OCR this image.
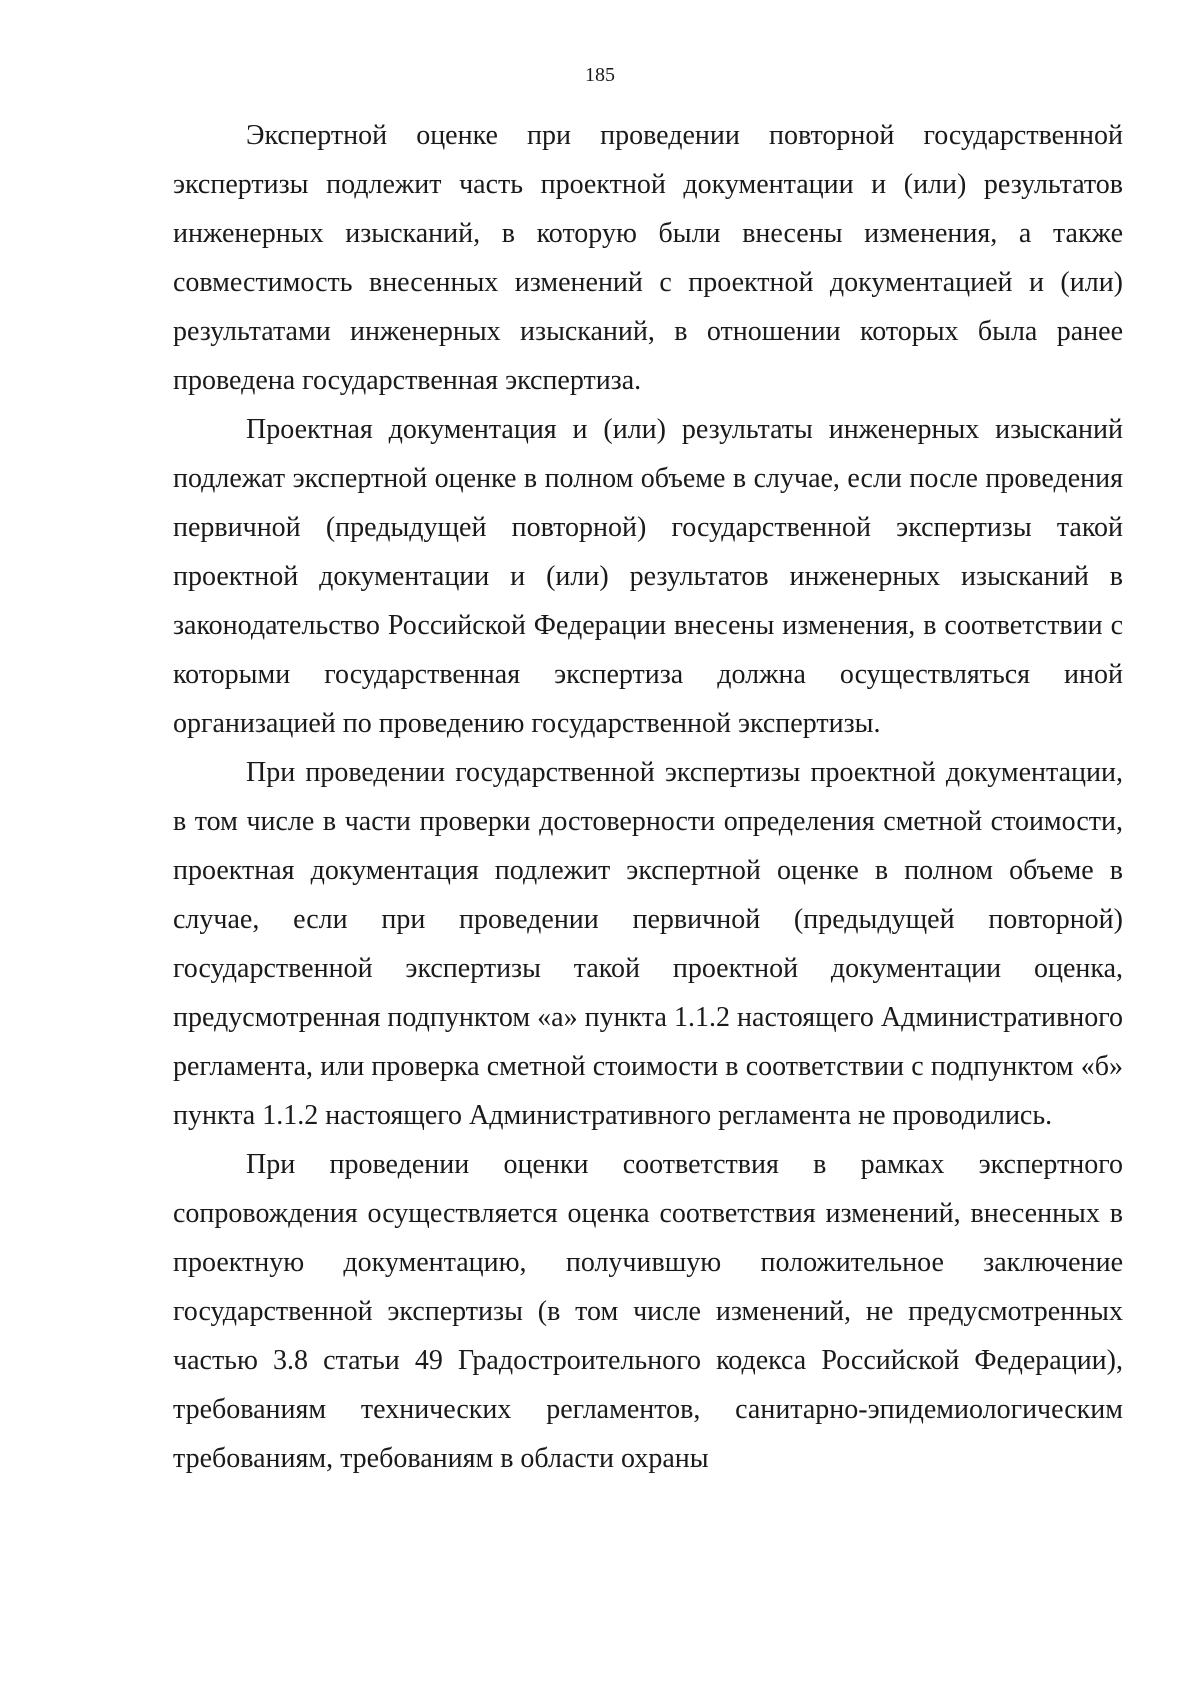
185

Экспертной оценке при проведении повторной государственной экспертизы подлежит часть проектной документации и (или) результатов инженерных изысканий, в которую были внесены изменения, а также совместимость внесенных изменений с проектной документацией и (или) результатами инженерных изысканий, в отношении которых была ранее проведена государственная экспертиза.

Проектная документация и (или) результаты инженерных изысканий подлежат экспертной оценке в полном объеме в случае, если после проведения первичной (предыдущей повторной) государственной экспертизы такой проектной документации и (или) результатов инженерных изысканий в законодательство Российской Федерации внесены изменения, в соответствии с которыми государственная экспертиза должна осуществляться иной организацией по проведению государственной экспертизы.

При проведении государственной экспертизы проектной документации, в том числе в части проверки достоверности определения сметной стоимости, проектная документация подлежит экспертной оценке в полном объеме в случае, если при проведении первичной (предыдущей повторной) государственной экспертизы такой проектной документации оценка, предусмотренная подпунктом «а» пункта 1.1.2 настоящего Административного регламента, или проверка сметной стоимости в соответствии с подпунктом «б» пункта 1.1.2 настоящего Административного регламента не проводились.

При проведении оценки соответствия в рамках экспертного сопровождения осуществляется оценка соответствия изменений, внесенных в проектную документацию, получившую положительное заключение государственной экспертизы (в том числе изменений, не предусмотренных частью 3.8 статьи 49 Градостроительного кодекса Российской Федерации), требованиям технических регламентов, санитарно-эпидемиологическим требованиям, требованиям в области охраны
